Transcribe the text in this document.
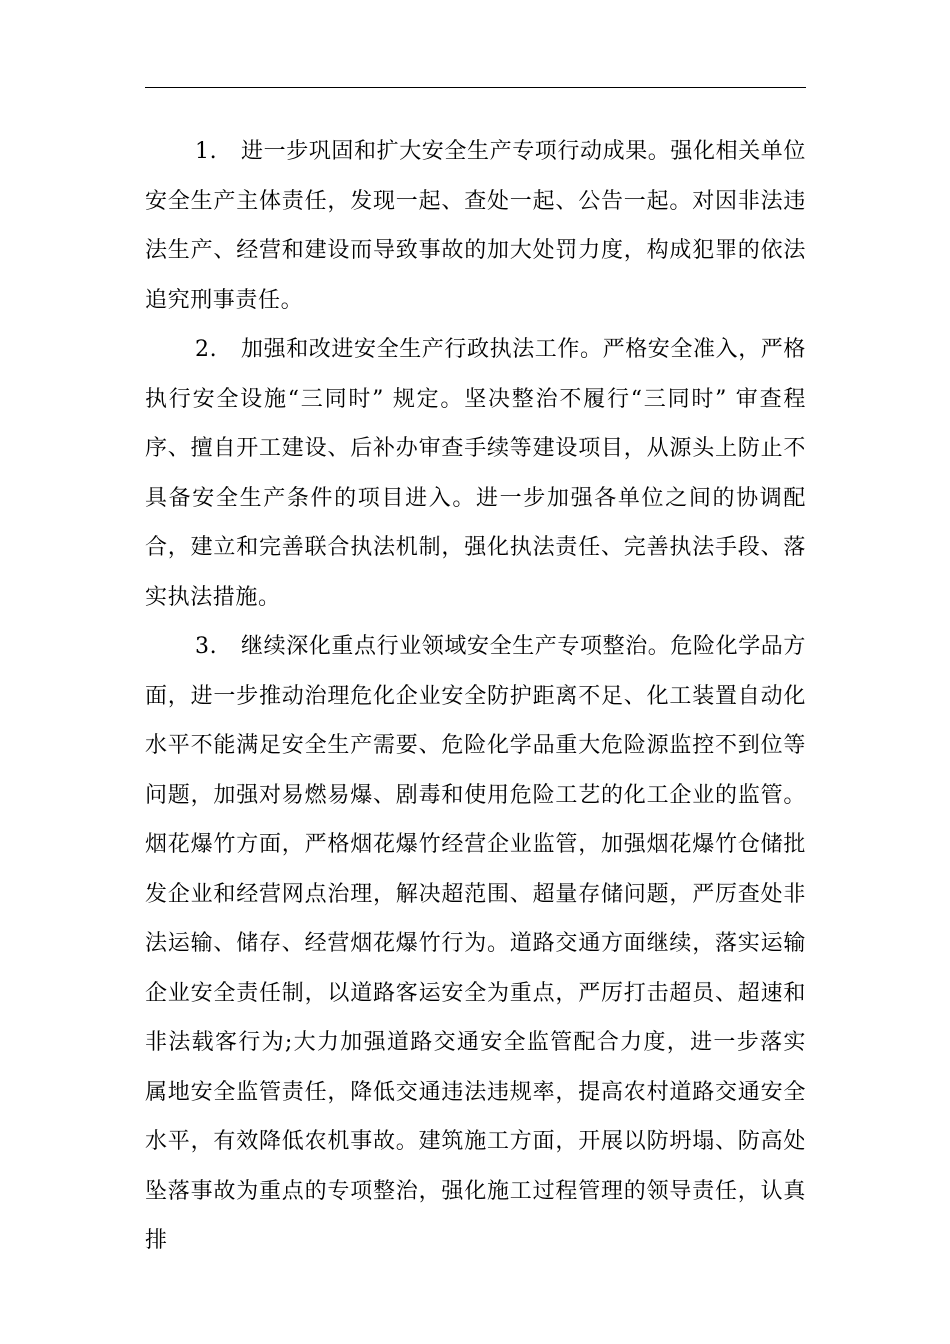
1. 进一步巩固和扩大安全生产专项行动成果。强化相关单位安全生产主体责任，发现一起、查处一起、公告一起。对因非法违法生产、经营和建设而导致事故的加大处罚力度，构成犯罪的依法追究刑事责任。

2. 加强和改进安全生产行政执法工作。严格安全准入，严格执行安全设施“三同时” 规定。坚决整治不履行“三同时” 审查程序、擅自开工建设、后补办审查手续等建设项目，从源头上防止不具备安全生产条件的项目进入。进一步加强各单位之间的协调配合，建立和完善联合执法机制，强化执法责任、完善执法手段、落实执法措施。

3. 继续深化重点行业领域安全生产专项整治。危险化学品方面，进一步推动治理危化企业安全防护距离不足、化工装置自动化水平不能满足安全生产需要、危险化学品重大危险源监控不到位等问题，加强对易燃易爆、剧毒和使用危险工艺的化工企业的监管。烟花爆竹方面，严格烟花爆竹经营企业监管，加强烟花爆竹仓储批发企业和经营网点治理，解决超范围、超量存储问题，严厉查处非法运输、储存、经营烟花爆竹行为。道路交通方面继续，落实运输企业安全责任制，以道路客运安全为重点，严厉打击超员、超速和非法载客行为;大力加强道路交通安全监管配合力度，进一步落实属地安全监管责任，降低交通违法违规率，提高农村道路交通安全水平，有效降低农机事故。建筑施工方面，开展以防坍塌、防高处坠落事故为重点的专项整治，强化施工过程管理的领导责任，认真排
